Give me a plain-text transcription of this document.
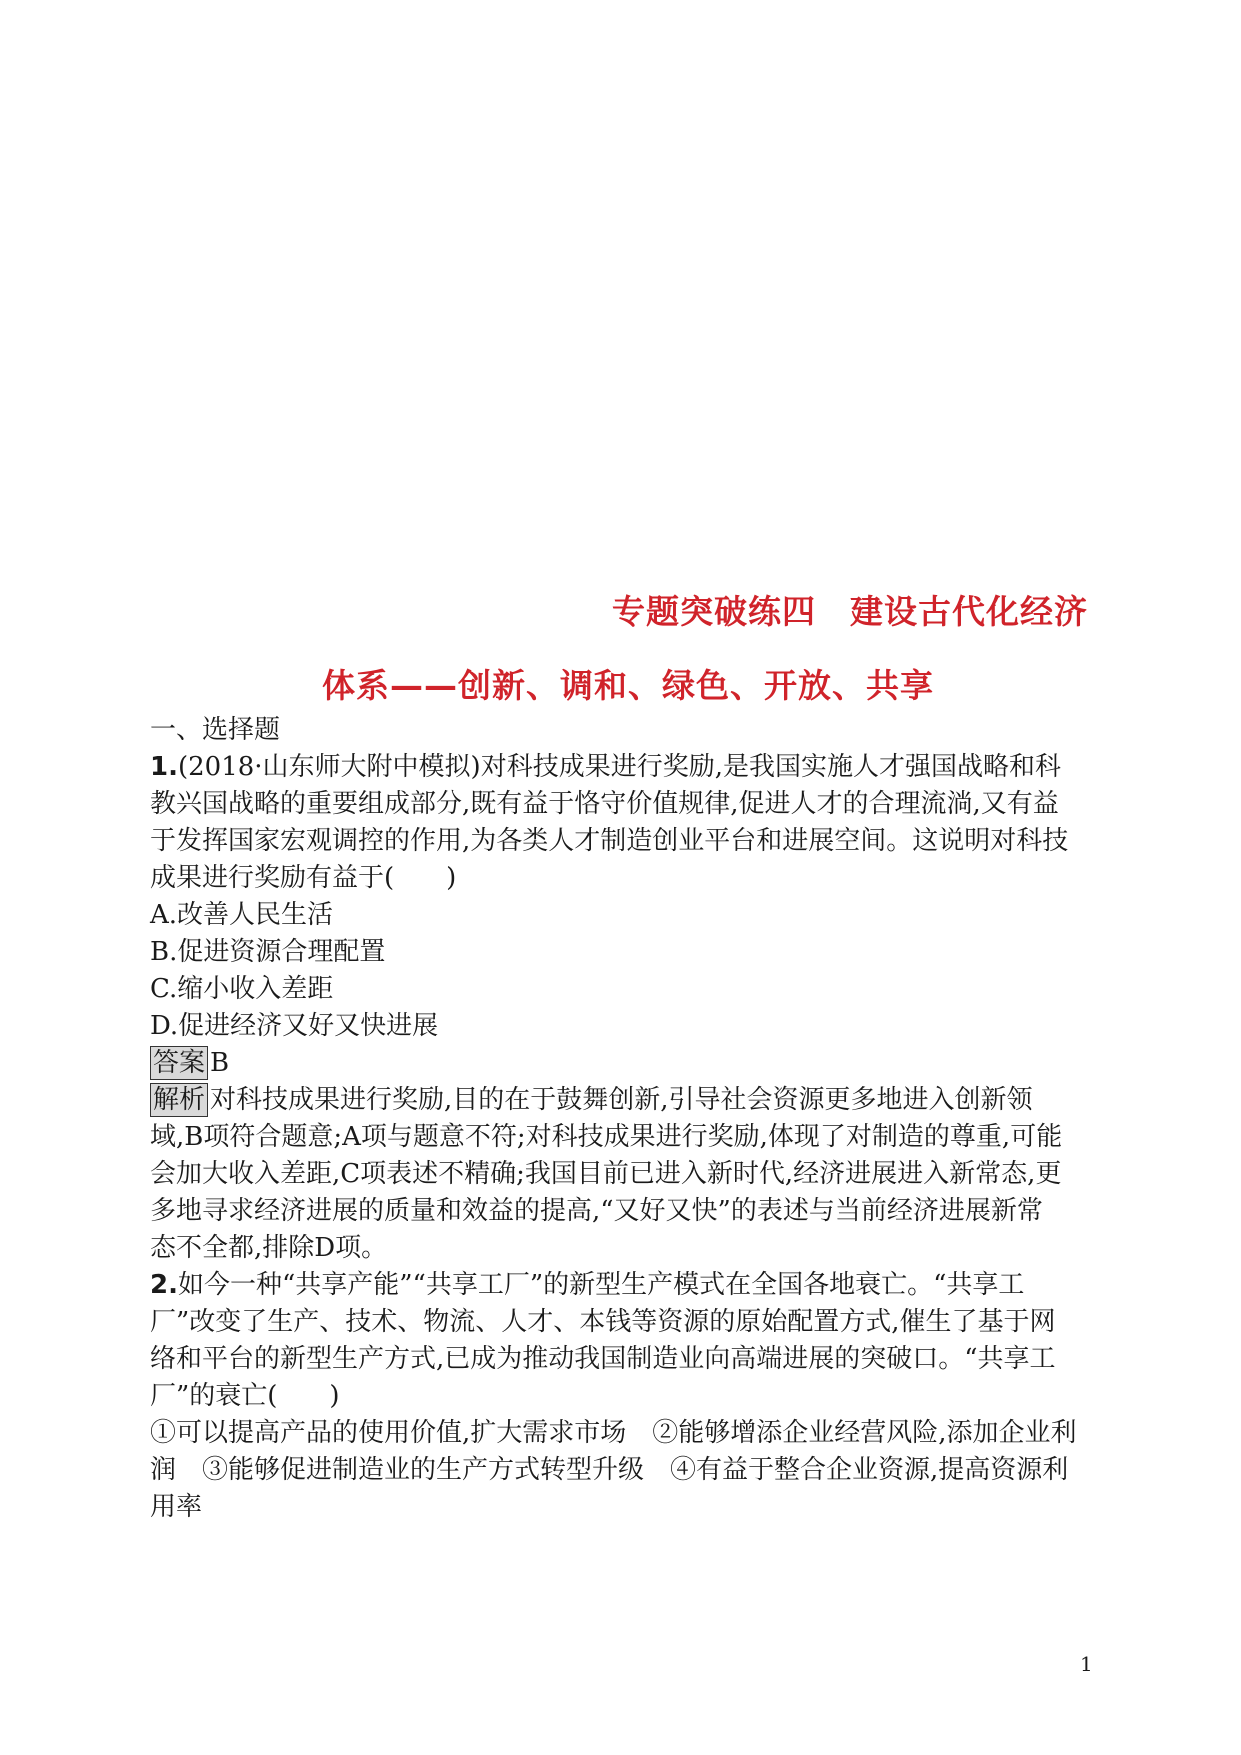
专题突破练四　建设古代化经济
体系——创新、调和、绿色、开放、共享
一、选择题
1.(2018·山东师大附中模拟)对科技成果进行奖励,是我国实施人才强国战略和科
教兴国战略的重要组成部分,既有益于恪守价值规律,促进人才的合理流淌,又有益
于发挥国家宏观调控的作用,为各类人才制造创业平台和进展空间。这说明对科技
成果进行奖励有益于(　　)
A.改善人民生活
B.促进资源合理配置
C.缩小收入差距
D.促进经济又好又快进展
答案 B
解析 对科技成果进行奖励,目的在于鼓舞创新,引导社会资源更多地进入创新领
域,B项符合题意;A项与题意不符;对科技成果进行奖励,体现了对制造的尊重,可能
会加大收入差距,C项表述不精确;我国目前已进入新时代,经济进展进入新常态,更
多地寻求经济进展的质量和效益的提高,“又好又快”的表述与当前经济进展新常
态不全都,排除D项。
2.如今一种“共享产能”“共享工厂”的新型生产模式在全国各地衰亡。“共享工
厂”改变了生产、技术、物流、人才、本钱等资源的原始配置方式,催生了基于网
络和平台的新型生产方式,已成为推动我国制造业向高端进展的突破口。“共享工
厂”的衰亡(　　)
①可以提高产品的使用价值,扩大需求市场　②能够增添企业经营风险,添加企业利
润　③能够促进制造业的生产方式转型升级　④有益于整合企业资源,提高资源利
用率
1
